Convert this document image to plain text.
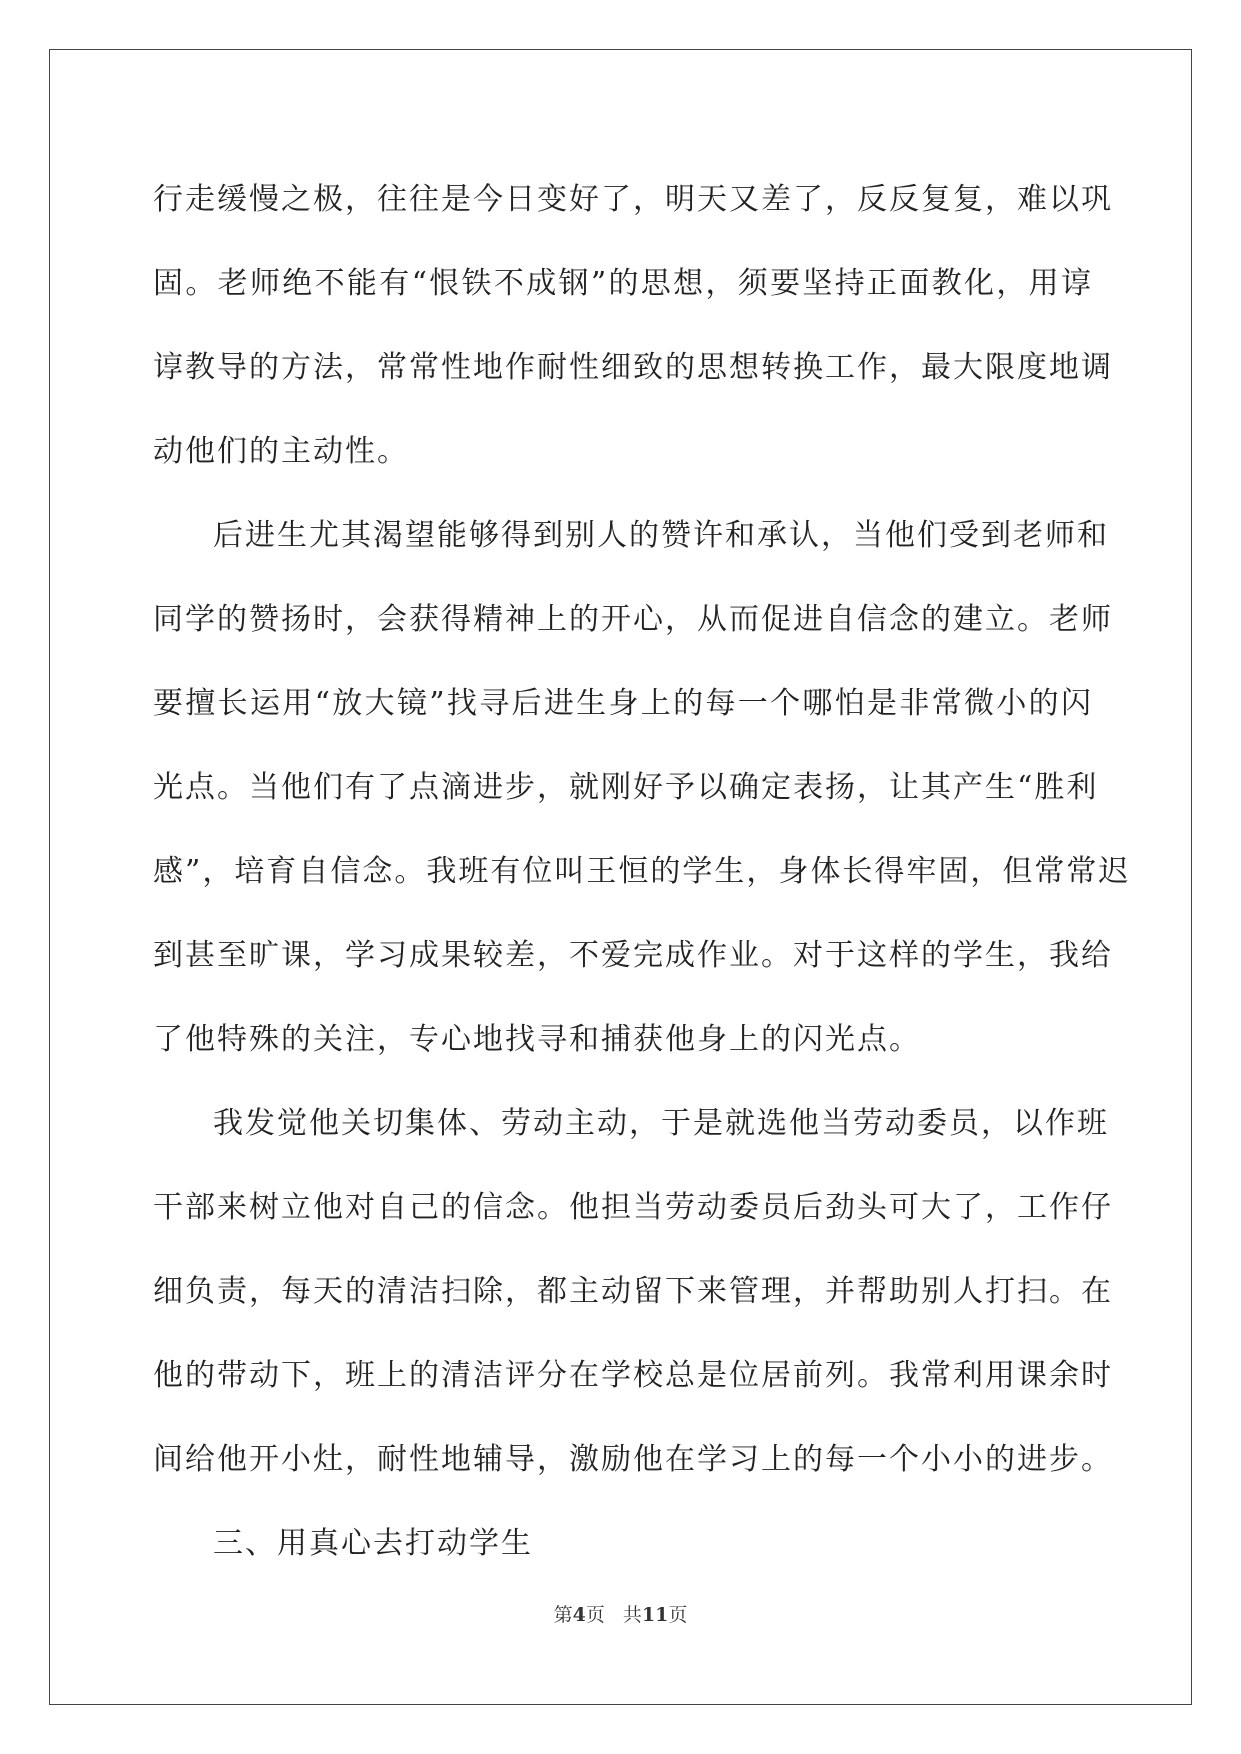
行走缓慢之极，往往是今日变好了，明天又差了，反反复复，难以巩
固。老师绝不能有“恨铁不成钢”的思想，须要坚持正面教化，用谆
谆教导的方法，常常性地作耐性细致的思想转换工作，最大限度地调
动他们的主动性。
后进生尤其渴望能够得到别人的赞许和承认，当他们受到老师和
同学的赞扬时，会获得精神上的开心，从而促进自信念的建立。老师
要擅长运用“放大镜”找寻后进生身上的每一个哪怕是非常微小的闪
光点。当他们有了点滴进步，就刚好予以确定表扬，让其产生“胜利
感”，培育自信念。我班有位叫王恒的学生，身体长得牢固，但常常迟
到甚至旷课，学习成果较差，不爱完成作业。对于这样的学生，我给
了他特殊的关注，专心地找寻和捕获他身上的闪光点。
我发觉他关切集体、劳动主动，于是就选他当劳动委员，以作班
干部来树立他对自己的信念。他担当劳动委员后劲头可大了，工作仔
细负责，每天的清洁扫除，都主动留下来管理，并帮助别人打扫。在
他的带动下，班上的清洁评分在学校总是位居前列。我常利用课余时
间给他开小灶，耐性地辅导，激励他在学习上的每一个小小的进步。
三、用真心去打动学生
第4页 共11页
